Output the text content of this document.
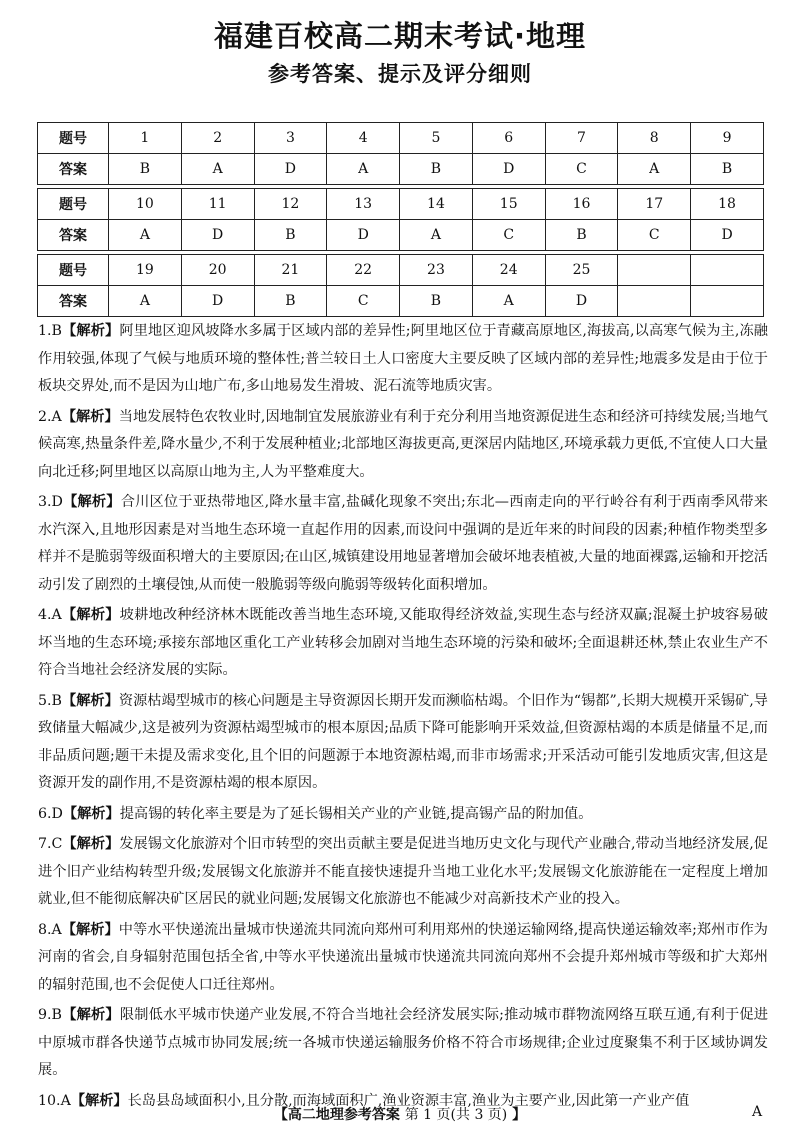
福建百校高二期末考试·地理
参考答案、提示及评分细则
题号	1	2	3	4	5	6	7	8	9
答案	B	A	D	A	B	D	C	A	B

题号	10	11	12	13	14	15	16	17	18
答案	A	D	B	D	A	C	B	C	D

题号	19	20	21	22	23	24	25		
答案	A	D	B	C	B	A	D		

1.B【解析】阿里地区迎风坡降水多属于区域内部的差异性;阿里地区位于青藏高原地区,海拔高,以高寒气候为主,冻融作用较强,体现了气候与地质环境的整体性;普兰较日土人口密度大主要反映了区域内部的差异性;地震多发是由于位于板块交界处,而不是因为山地广布,多山地易发生滑坡、泥石流等地质灾害。

2.A【解析】当地发展特色农牧业时,因地制宜发展旅游业有利于充分利用当地资源促进生态和经济可持续发展;当地气候高寒,热量条件差,降水量少,不利于发展种植业;北部地区海拔更高,更深居内陆地区,环境承载力更低,不宜使人口大量向北迁移;阿里地区以高原山地为主,人为平整难度大。

3.D【解析】合川区位于亚热带地区,降水量丰富,盐碱化现象不突出;东北—西南走向的平行岭谷有利于西南季风带来水汽深入,且地形因素是对当地生态环境一直起作用的因素,而设问中强调的是近年来的时间段的因素;种植作物类型多样并不是脆弱等级面积增大的主要原因;在山区,城镇建设用地显著增加会破坏地表植被,大量的地面裸露,运输和开挖活动引发了剧烈的土壤侵蚀,从而使一般脆弱等级向脆弱等级转化面积增加。

4.A【解析】坡耕地改种经济林木既能改善当地生态环境,又能取得经济效益,实现生态与经济双赢;混凝土护坡容易破坏当地的生态环境;承接东部地区重化工产业转移会加剧对当地生态环境的污染和破坏;全面退耕还林,禁止农业生产不符合当地社会经济发展的实际。

5.B【解析】资源枯竭型城市的核心问题是主导资源因长期开发而濒临枯竭。个旧作为“锡都”,长期大规模开采锡矿,导致储量大幅减少,这是被列为资源枯竭型城市的根本原因;品质下降可能影响开采效益,但资源枯竭的本质是储量不足,而非品质问题;题干未提及需求变化,且个旧的问题源于本地资源枯竭,而非市场需求;开采活动可能引发地质灾害,但这是资源开发的副作用,不是资源枯竭的根本原因。

6.D【解析】提高锡的转化率主要是为了延长锡相关产业的产业链,提高锡产品的附加值。

7.C【解析】发展锡文化旅游对个旧市转型的突出贡献主要是促进当地历史文化与现代产业融合,带动当地经济发展,促进个旧产业结构转型升级;发展锡文化旅游并不能直接快速提升当地工业化水平;发展锡文化旅游能在一定程度上增加就业,但不能彻底解决矿区居民的就业问题;发展锡文化旅游也不能减少对高新技术产业的投入。

8.A【解析】中等水平快递流出量城市快递流共同流向郑州可利用郑州的快递运输网络,提高快递运输效率;郑州市作为河南的省会,自身辐射范围包括全省,中等水平快递流出量城市快递流共同流向郑州不会提升郑州城市等级和扩大郑州的辐射范围,也不会促使人口迁往郑州。

9.B【解析】限制低水平城市快递产业发展,不符合当地社会经济发展实际;推动城市群物流网络互联互通,有利于促进中原城市群各快递节点城市协同发展;统一各城市快递运输服务价格不符合市场规律;企业过度聚集不利于区域协调发展。

10.A【解析】长岛县岛域面积小,且分散,而海域面积广,渔业资源丰富,渔业为主要产业,因此第一产业产值

【高二地理参考答案 第 1 页(共 3 页) 】	A
